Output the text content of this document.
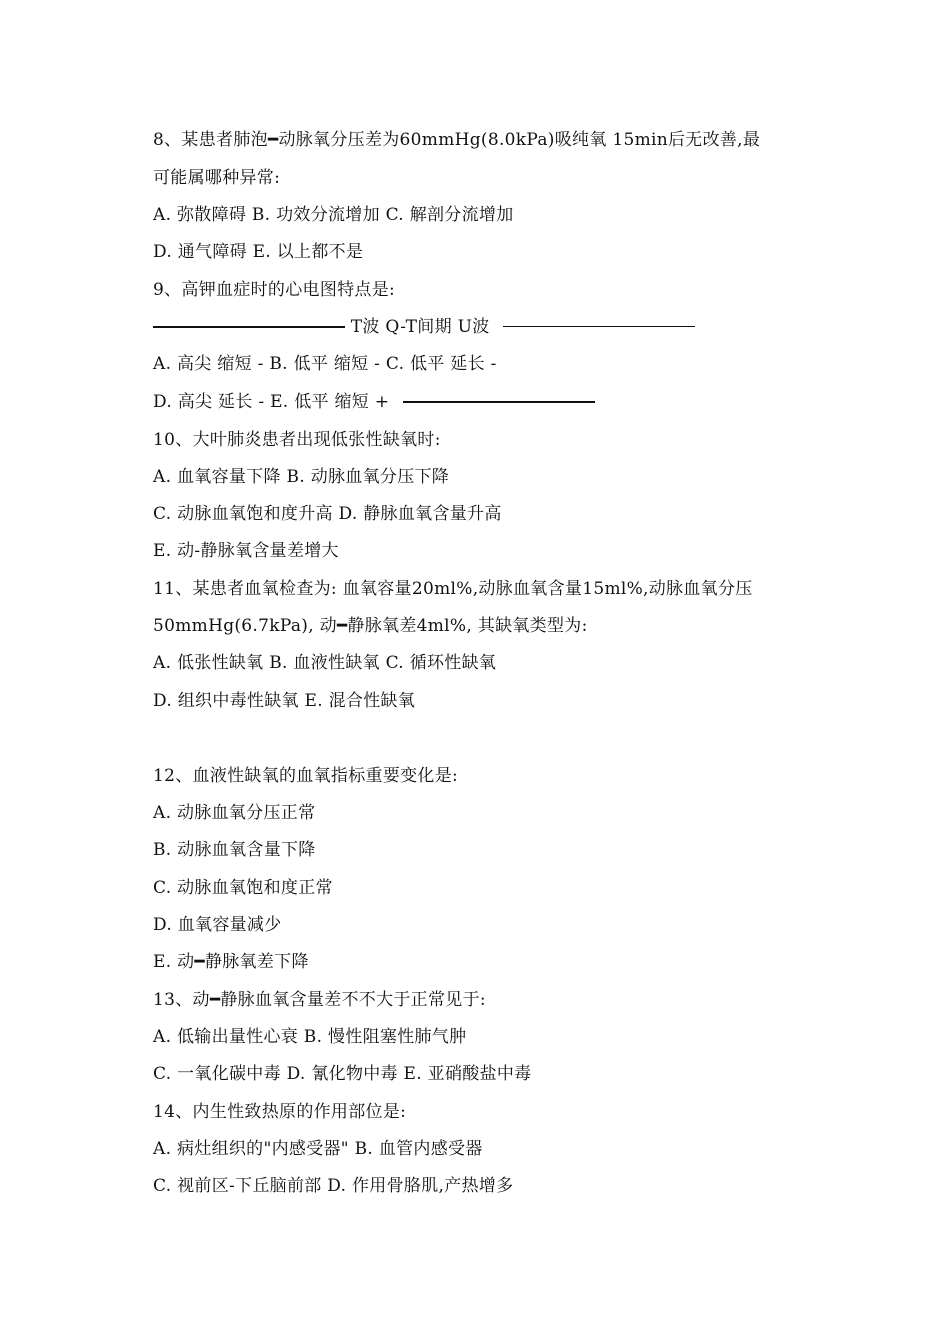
8、某患者肺泡━动脉氧分压差为60mmHg(8.0kPa)吸纯氧 15min后无改善,最
可能属哪种异常:
A. 弥散障碍 B. 功效分流增加 C. 解剖分流增加
D. 通气障碍 E. 以上都不是
9、高钾血症时的心电图特点是:
T波 Q-T间期 U波
A. 高尖 缩短 - B. 低平 缩短 - C. 低平 延长 -
D. 高尖 延长 - E. 低平 缩短 +
10、大叶肺炎患者出现低张性缺氧时:
A. 血氧容量下降 B. 动脉血氧分压下降
C. 动脉血氧饱和度升高 D. 静脉血氧含量升高
E. 动-静脉氧含量差增大
11、某患者血氧检查为: 血氧容量20ml%,动脉血氧含量15ml%,动脉血氧分压
50mmHg(6.7kPa), 动━静脉氧差4ml%, 其缺氧类型为:
A. 低张性缺氧 B. 血液性缺氧 C. 循环性缺氧
D. 组织中毒性缺氧 E. 混合性缺氧
12、血液性缺氧的血氧指标重要变化是:
A. 动脉血氧分压正常
B. 动脉血氧含量下降
C. 动脉血氧饱和度正常
D. 血氧容量减少
E. 动━静脉氧差下降
13、动━静脉血氧含量差不不大于正常见于:
A. 低输出量性心衰 B. 慢性阻塞性肺气肿
C. 一氧化碳中毒 D. 氰化物中毒 E. 亚硝酸盐中毒
14、内生性致热原的作用部位是:
A. 病灶组织的"内感受器" B. 血管内感受器
C. 视前区-下丘脑前部 D. 作用骨胳肌,产热增多
